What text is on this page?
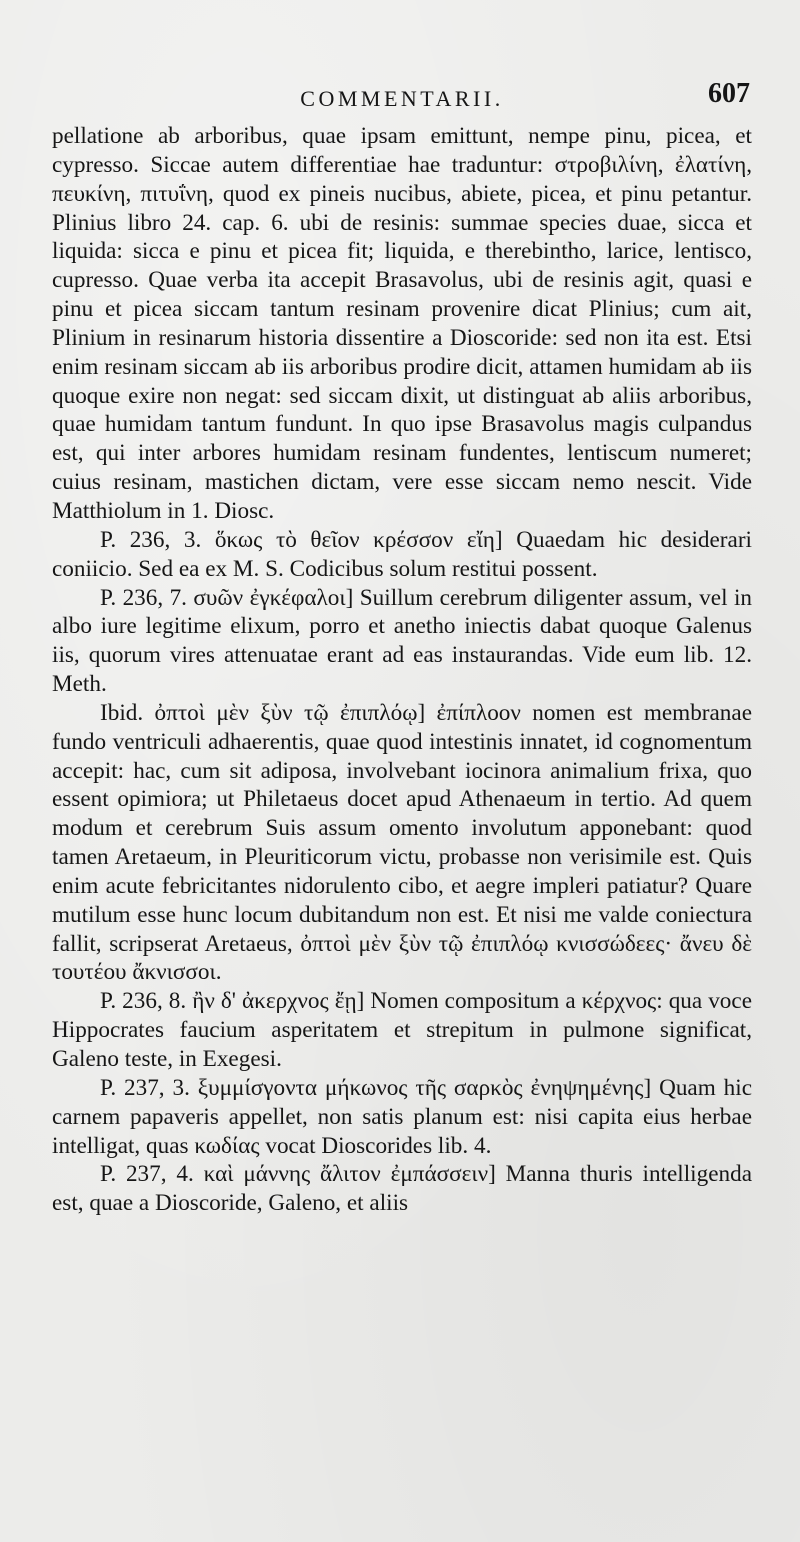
COMMENTARII.	607

pellatione ab arboribus, quae ipsam emittunt, nempe pinu, picea, et cypresso. Siccae autem differentiae hae traduntur: στροβιλίνη, ἐλατίνη, πευκίνη, πιτυΐνη, quod ex pineis nucibus, abiete, picea, et pinu petantur. Plinius libro 24. cap. 6. ubi de resinis: summae species duae, sicca et liquida: sicca e pinu et picea fit; liquida, e therebintho, larice, lentisco, cupresso. Quae verba ita accepit Brasavolus, ubi de resinis agit, quasi e pinu et picea siccam tantum resinam provenire dicat Plinius; cum ait, Plinium in resinarum historia dissentire a Dioscoride: sed non ita est. Etsi enim resinam siccam ab iis arboribus prodire dicit, attamen humidam ab iis quoque exire non negat: sed siccam dixit, ut distinguat ab aliis arboribus, quae humidam tantum fundunt. In quo ipse Brasavolus magis culpandus est, qui inter arbores humidam resinam fundentes, lentiscum numeret; cuius resinam, mastichen dictam, vere esse siccam nemo nescit. Vide Matthiolum in 1. Diosc.

P. 236, 3. ὅκως τὸ θεῖον κρέσσον εἴη] Quaedam hic desiderari coniicio. Sed ea ex M. S. Codicibus solum restitui possent.

P. 236, 7. συῶν ἐγκέφαλοι] Suillum cerebrum diligenter assum, vel in albo iure legitime elixum, porro et anetho iniectis dabat quoque Galenus iis, quorum vires attenuatae erant ad eas instaurandas. Vide eum lib. 12. Meth.

Ibid. ὀπτοὶ μὲν ξὺν τῷ ἐπιπλόῳ] ἐπίπλοον nomen est membranae fundo ventriculi adhaerentis, quae quod intestinis innatet, id cognomentum accepit: hac, cum sit adiposa, involvebant iocinora animalium frixa, quo essent opimiora; ut Philetaeus docet apud Athenaeum in tertio. Ad quem modum et cerebrum Suis assum omento involutum apponebant: quod tamen Aretaeum, in Pleuriticorum victu, probasse non verisimile est. Quis enim acute febricitantes nidorulento cibo, et aegre impleri patiatur? Quare mutilum esse hunc locum dubitandum non est. Et nisi me valde coniectura fallit, scripserat Aretaeus, ὀπτοὶ μὲν ξὺν τῷ ἐπιπλόῳ κνισσώδεες· ἄνευ δὲ τουτέου ἄκνισσοι.

P. 236, 8. ἢν δ' ἀκερχνος ἔῃ] Nomen compositum a κέρχνος: qua voce Hippocrates faucium asperitatem et strepitum in pulmone significat, Galeno teste, in Exegesi.

P. 237, 3. ξυμμίσγοντα μήκωνος τῆς σαρκὸς ἐνηψημένης] Quam hic carnem papaveris appellet, non satis planum est: nisi capita eius herbae intelligat, quas κωδίας vocat Dioscorides lib. 4.

P. 237, 4. καὶ μάννης ἄλιτον ἐμπάσσειν] Manna thuris intelligenda est, quae a Dioscoride, Galeno, et aliis
